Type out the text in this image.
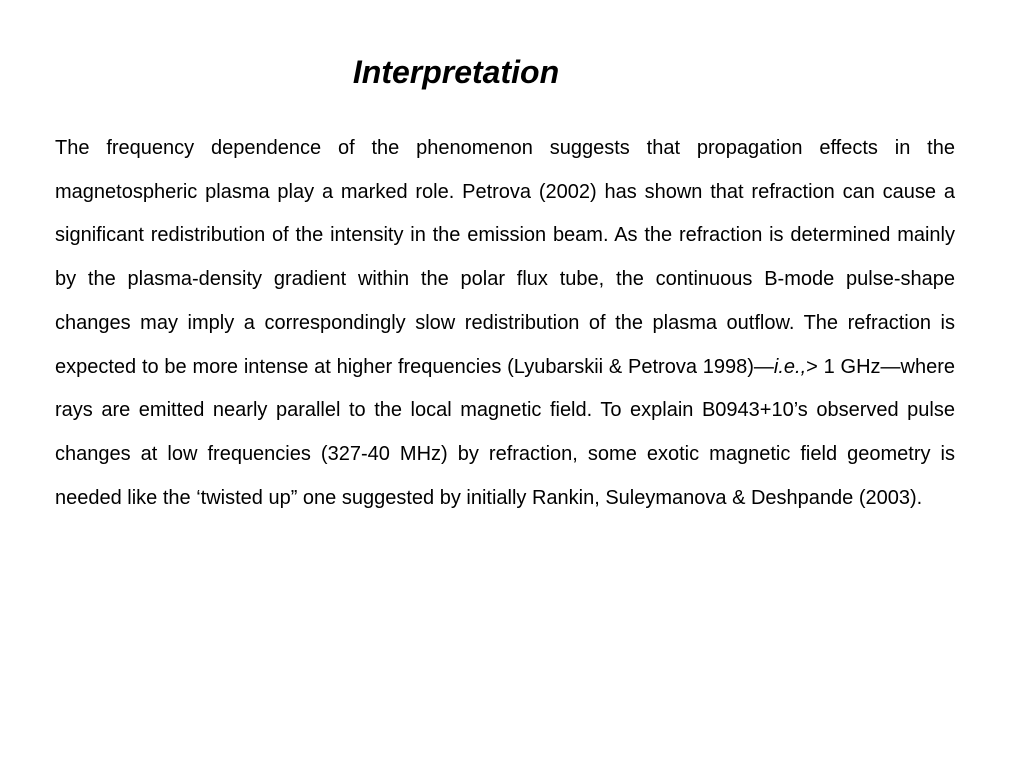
Interpretation

The frequency dependence of the phenomenon suggests that propagation effects in the magnetospheric plasma play a marked role. Petrova (2002) has shown that refraction can cause a significant redistribution of the intensity in the emission beam. As the refraction is determined mainly by the plasma-density gradient within the polar flux tube, the continuous B-mode pulse-shape changes may imply a correspondingly slow redistribution of the plasma outflow. The refraction is expected to be more intense at higher frequencies (Lyubarskii & Petrova 1998)—i.e.,> 1 GHz—where rays are emitted nearly parallel to the local magnetic field. To explain B0943+10’s observed pulse changes at low frequencies (327-40 MHz) by refraction, some exotic magnetic field geometry is needed like the ‘twisted up” one suggested by initially Rankin, Suleymanova & Deshpande (2003).
